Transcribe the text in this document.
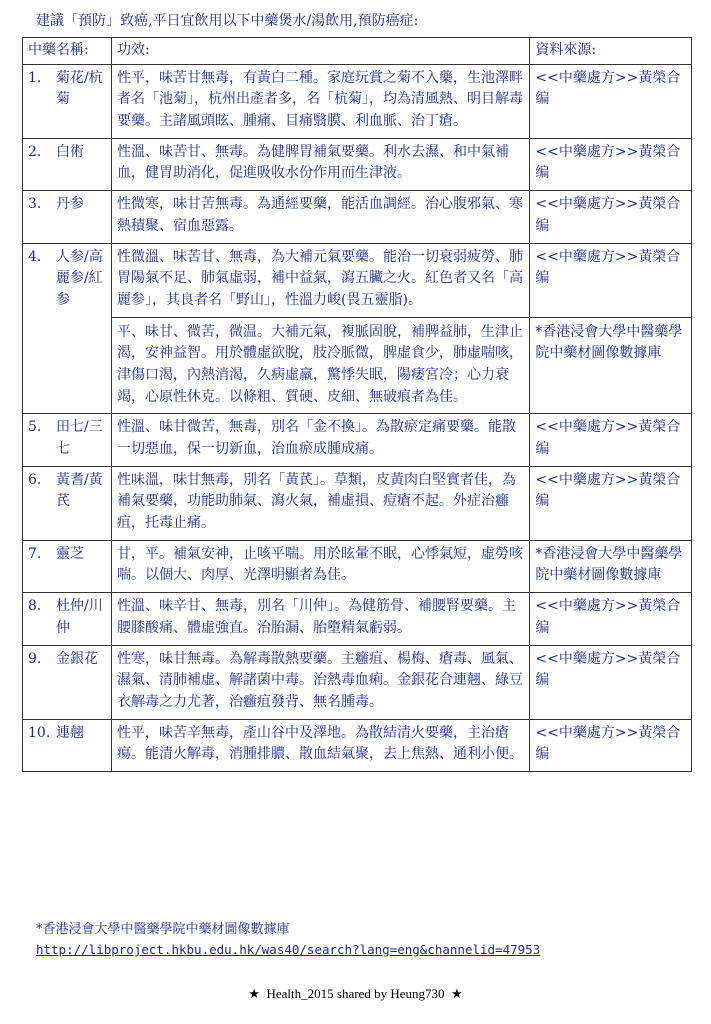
建議「預防」致癌,平日宜飲用以下中藥煲水/湯飲用,預防癌症:
中藥名稱:	功效:	資料來源:
1. 菊花/杭菊	性平，味苦甘無毒，有黃白二種。家庭玩賞之菊不入藥，生池澤畔者名「池菊」，杭州出產者多，名「杭菊」，均為清風熱、明目解毒要藥。主諸風頭眩、腫痛、目痛翳膜、利血脈、治丁瘡。	<<中藥處方>>黃榮合编
2. 白術	性溫、味苦甘、無毒。為健脾胃補氣要藥。利水去濕、和中氣補血，健胃助消化，促進吸收水份作用而生津液。	<<中藥處方>>黃榮合编
3. 丹参	性微寒，味甘苦無毒。為通經要藥，能活血調經。治心腹邪氣、寒熱積聚、宿血惡露。	<<中藥處方>>黃榮合编
4. 人参/高麗参/紅参	性微溫、味苦甘、無毒，為大補元氣要藥。能治一切衰弱疲勞、肺胃陽氣不足、肺氣虛弱，補中益氣，瀉五臟之火。紅色者又名「高麗参」，其良者名「野山」，性溫力峻(畏五靈脂)。	<<中藥處方>>黃榮合编
	平、味甘、微苦，微温。大補元氣，複脈固脫，補脾益肺，生津止渴，安神益智。用於體虛欲脫，肢冷脈微，脾虛食少，肺虛喘咳，津傷口渴，內熱消渴，久病虛羸，驚悸失眠，陽痿宮冷；心力衰竭，心原性休克。以條粗、質硬、皮細、無破痕者為佳。	*香港浸會大學中醫藥學院中藥材圖像數據庫
5. 田七/三七	性溫、味甘微苦，無毒，別名「金不換」。為散瘀定痛要藥。能散一切惡血，保一切新血，治血瘀成腫成痛。	<<中藥處方>>黃榮合编
6. 黃耆/黃芪	性味溫，味甘無毒，別名「黃芪」。草類，皮黃肉白堅實者佳，為補氣要藥，功能助肺氣、瀉火氣，補虛損、痘瘡不起。外症治癰疽，托毒止痛。	<<中藥處方>>黃榮合编
7. 靈芝	甘，平。補氣安神，止咳平喘。用於眩暈不眠，心悸氣短，虛勞咳喘。以個大、肉厚、光澤明顯者為佳。	*香港浸會大學中醫藥學院中藥材圖像數據庫
8. 杜仲/川仲	性溫、味辛甘、無毒，別名「川仲」。為健筋骨、補腰腎要藥。主腰膝酸痛、體虛強直。治胎漏、胎墮精氣虧弱。	<<中藥處方>>黃榮合编
9. 金銀花	性寒，味甘無毒。為解毒散熱要藥。主癰疽、楊梅、瘡毒、風氣、濕氣、清肺補虛、解諸菌中毒。治熱毒血痢。金銀花合連翹、綠豆衣解毒之力尤著，治癰疽發背、無名腫毒。	<<中藥處方>>黃榮合编
10. 連翹	性平，味苦辛無毒，產山谷中及澤地。為散結清火要藥，主治瘡瘍。能清火解毒，消腫排膿、散血結氣聚，去上焦熱、通利小便。	<<中藥處方>>黃榮合编
*香港浸會大學中醫藥學院中藥材圖像數據庫
http://libproject.hkbu.edu.hk/was40/search?lang=eng&channelid=47953
★ Health_2015 shared by Heung730 ★
